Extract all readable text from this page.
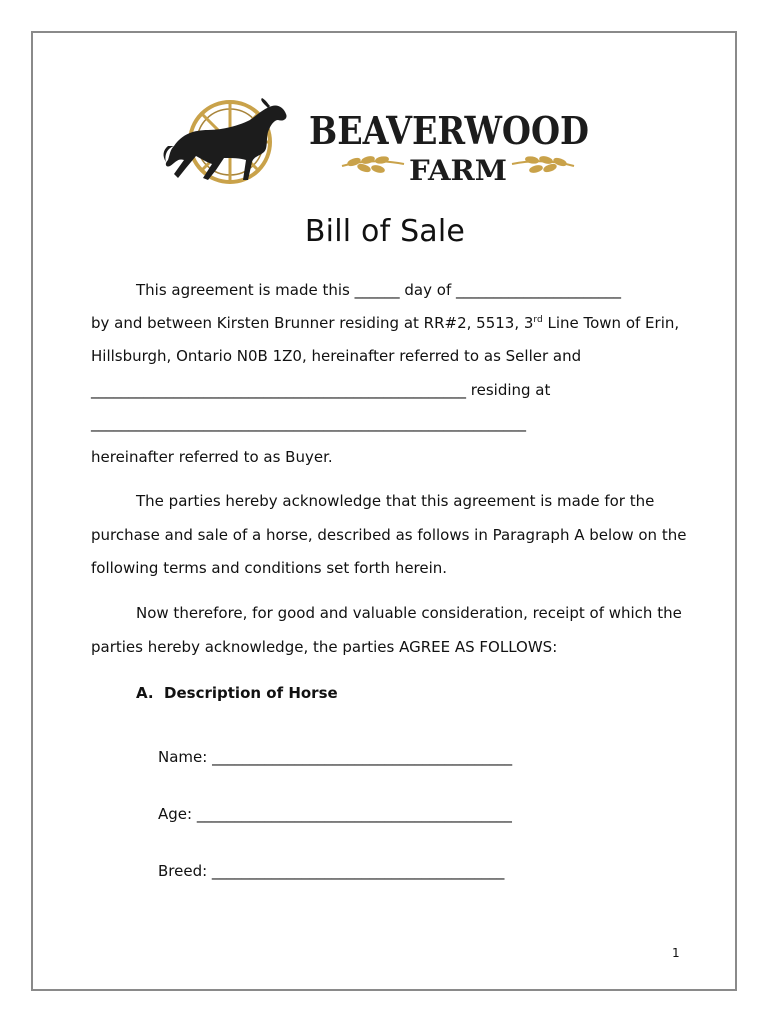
BEAVERWOOD
FARM
Bill of Sale
This agreement is made this ______ day of ______________________
by and between Kirsten Brunner residing at RR#2, 5513, 3rd Line Town of Erin,
Hillsburgh, Ontario N0B 1Z0, hereinafter referred to as Seller and
__________________________________________________ residing at
__________________________________________________________
hereinafter referred to as Buyer.
The parties hereby acknowledge that this agreement is made for the
purchase and sale of a horse, described as follows in Paragraph A below on the
following terms and conditions set forth herein.
Now therefore, for good and valuable consideration, receipt of which the
parties hereby acknowledge, the parties AGREE AS FOLLOWS:
A.  Description of Horse
Name: ________________________________________
Age: __________________________________________
Breed: _______________________________________
1
